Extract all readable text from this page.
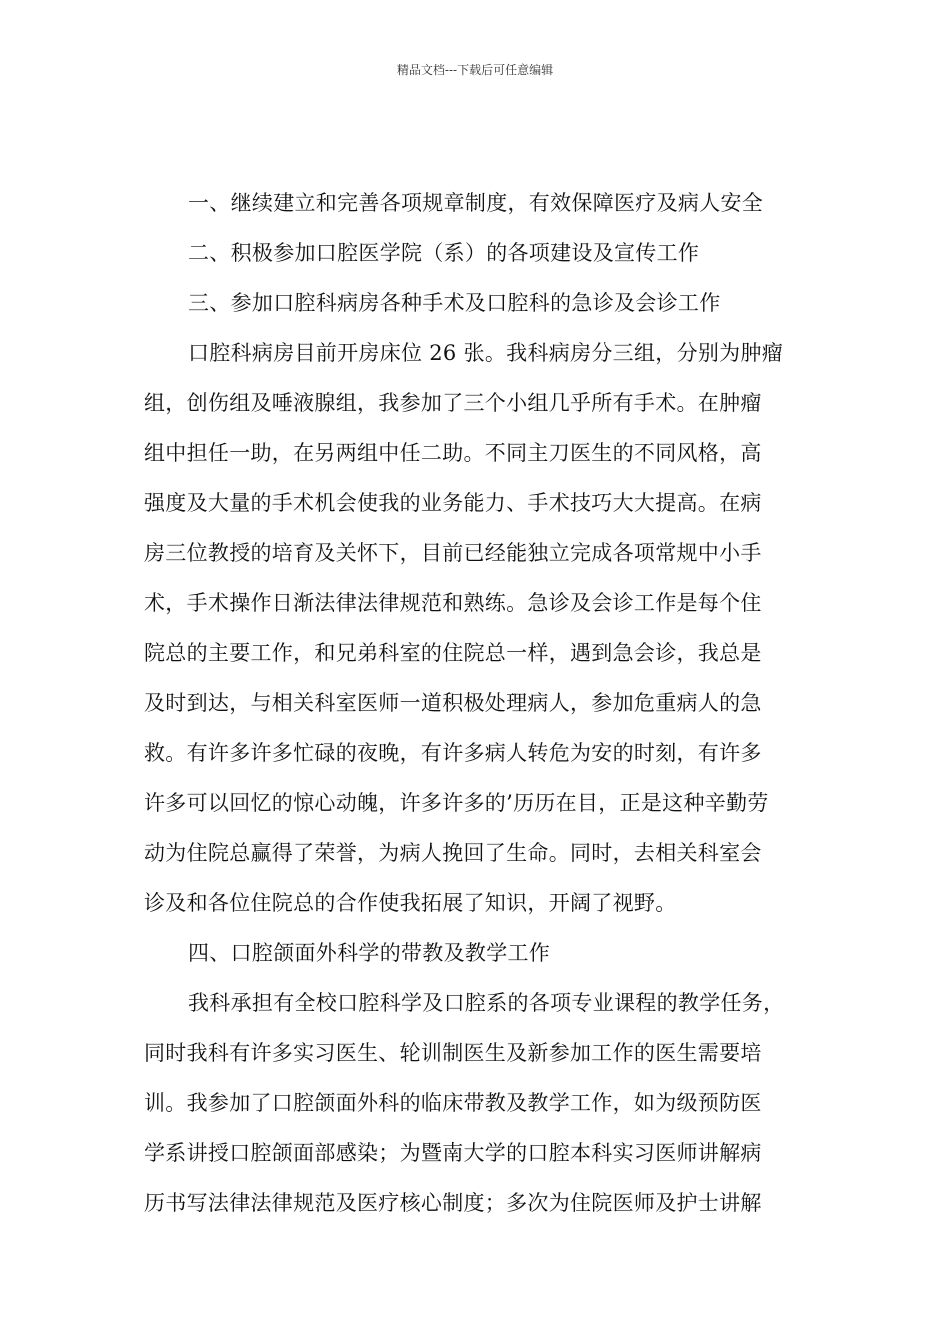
精品文档---下载后可任意编辑
一、继续建立和完善各项规章制度，有效保障医疗及病人安全
二、积极参加口腔医学院（系）的各项建设及宣传工作
三、参加口腔科病房各种手术及口腔科的急诊及会诊工作
口腔科病房目前开房床位 26 张。我科病房分三组，分别为肿瘤
组，创伤组及唾液腺组，我参加了三个小组几乎所有手术。在肿瘤
组中担任一助，在另两组中任二助。不同主刀医生的不同风格，高
强度及大量的手术机会使我的业务能力、手术技巧大大提高。在病
房三位教授的培育及关怀下，目前已经能独立完成各项常规中小手
术，手术操作日渐法律法律规范和熟练。急诊及会诊工作是每个住
院总的主要工作，和兄弟科室的住院总一样，遇到急会诊，我总是
及时到达，与相关科室医师一道积极处理病人，参加危重病人的急
救。有许多许多忙碌的夜晚，有许多病人转危为安的时刻，有许多
许多可以回忆的惊心动魄，许多许多的’历历在目，正是这种辛勤劳
动为住院总赢得了荣誉，为病人挽回了生命。同时，去相关科室会
诊及和各位住院总的合作使我拓展了知识，开阔了视野。
四、口腔颌面外科学的带教及教学工作
我科承担有全校口腔科学及口腔系的各项专业课程的教学任务，
同时我科有许多实习医生、轮训制医生及新参加工作的医生需要培
训。我参加了口腔颌面外科的临床带教及教学工作，如为级预防医
学系讲授口腔颌面部感染；为暨南大学的口腔本科实习医师讲解病
历书写法律法律规范及医疗核心制度；多次为住院医师及护士讲解
